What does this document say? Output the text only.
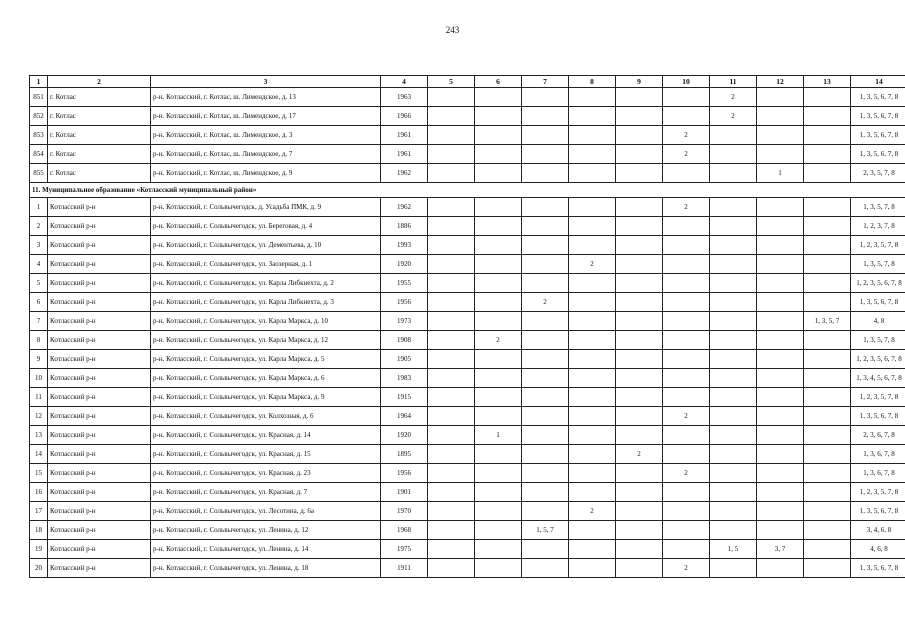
243
1	2	3	4	5	6	7	8	9	10	11	12	13	14
851	г. Котлас	р-н. Котласский, г. Котлас, ш. Лимендское, д. 13	1963							2			1, 3, 5, 6, 7, 8
852	г. Котлас	р-н. Котласский, г. Котлас, ш. Лимендское, д. 17	1966							2			1, 3, 5, 6, 7, 8
853	г. Котлас	р-н. Котласский, г. Котлас, ш. Лимендское, д. 3	1961						2				1, 3, 5, 6, 7, 8
854	г. Котлас	р-н. Котласский, г. Котлас, ш. Лимендское, д. 7	1961						2				1, 3, 5, 6, 7, 8
855	г. Котлас	р-н. Котласский, г. Котлас, ш. Лимендское, д. 9	1962								1		2, 3, 5, 7, 8
11. Муниципальное образование «Котласский муниципальный район»													
1	Котласский р-н	р-н. Котласский, г. Сольвычегодск, д. Усадьба ПМК, д. 9	1962						2				1, 3, 5, 7, 8
2	Котласский р-н	р-н. Котласский, г. Сольвычегодск, ул. Береговая, д. 4	1886										1, 2, 3, 7, 8
3	Котласский р-н	р-н. Котласский, г. Сольвычегодск, ул. Дементьева, д. 10	1993										1, 2, 3, 5, 7, 8
4	Котласский р-н	р-н. Котласский, г. Сольвычегодск, ул. Заозерная, д. 1	1920				2						1, 3, 5, 7, 8
5	Котласский р-н	р-н. Котласский, г. Сольвычегодск, ул. Карла Либкнехта, д. 2	1955										1, 2, 3, 5, 6, 7, 8
6	Котласский р-н	р-н. Котласский, г. Сольвычегодск, ул. Карла Либкнехта, д. 3	1956			2							1, 3, 5, 6, 7, 8
7	Котласский р-н	р-н. Котласский, г. Сольвычегодск, ул. Карла Маркса, д. 10	1973									1, 3, 5, 7	4, 8
8	Котласский р-н	р-н. Котласский, г. Сольвычегодск, ул. Карла Маркса, д. 12	1908		2								1, 3, 5, 7, 8
9	Котласский р-н	р-н. Котласский, г. Сольвычегодск, ул. Карла Маркса, д. 5	1905										1, 2, 3, 5, 6, 7, 8
10	Котласский р-н	р-н. Котласский, г. Сольвычегодск, ул. Карла Маркса, д. 6	1983										1, 3, 4, 5, 6, 7, 8
11	Котласский р-н	р-н. Котласский, г. Сольвычегодск, ул. Карла Маркса, д. 9	1915										1, 2, 3, 5, 7, 8
12	Котласский р-н	р-н. Котласский, г. Сольвычегодск, ул. Колхозная, д. 6	1964						2				1, 3, 5, 6, 7, 8
13	Котласский р-н	р-н. Котласский, г. Сольвычегодск, ул. Красная, д. 14	1920		1								2, 3, 6, 7, 8
14	Котласский р-н	р-н. Котласский, г. Сольвычегодск, ул. Красная, д. 15	1895					2					1, 3, 6, 7, 8
15	Котласский р-н	р-н. Котласский, г. Сольвычегодск, ул. Красная, д. 23	1956						2				1, 3, 6, 7, 8
16	Котласский р-н	р-н. Котласский, г. Сольвычегодск, ул. Красная, д. 7	1901										1, 2, 3, 5, 7, 8
17	Котласский р-н	р-н. Котласский, г. Сольвычегодск, ул. Лесотина, д. 6а	1970				2						1, 3, 5, 6, 7, 8
18	Котласский р-н	р-н. Котласский, г. Сольвычегодск, ул. Ленина, д. 12	1968			1, 5, 7							3, 4, 6, 8
19	Котласский р-н	р-н. Котласский, г. Сольвычегодск, ул. Ленина, д. 14	1975							1, 5	3, 7		4, 6, 8
20	Котласский р-н	р-н. Котласский, г. Сольвычегодск, ул. Ленина, д. 18	1911						2				1, 3, 5, 6, 7, 8
